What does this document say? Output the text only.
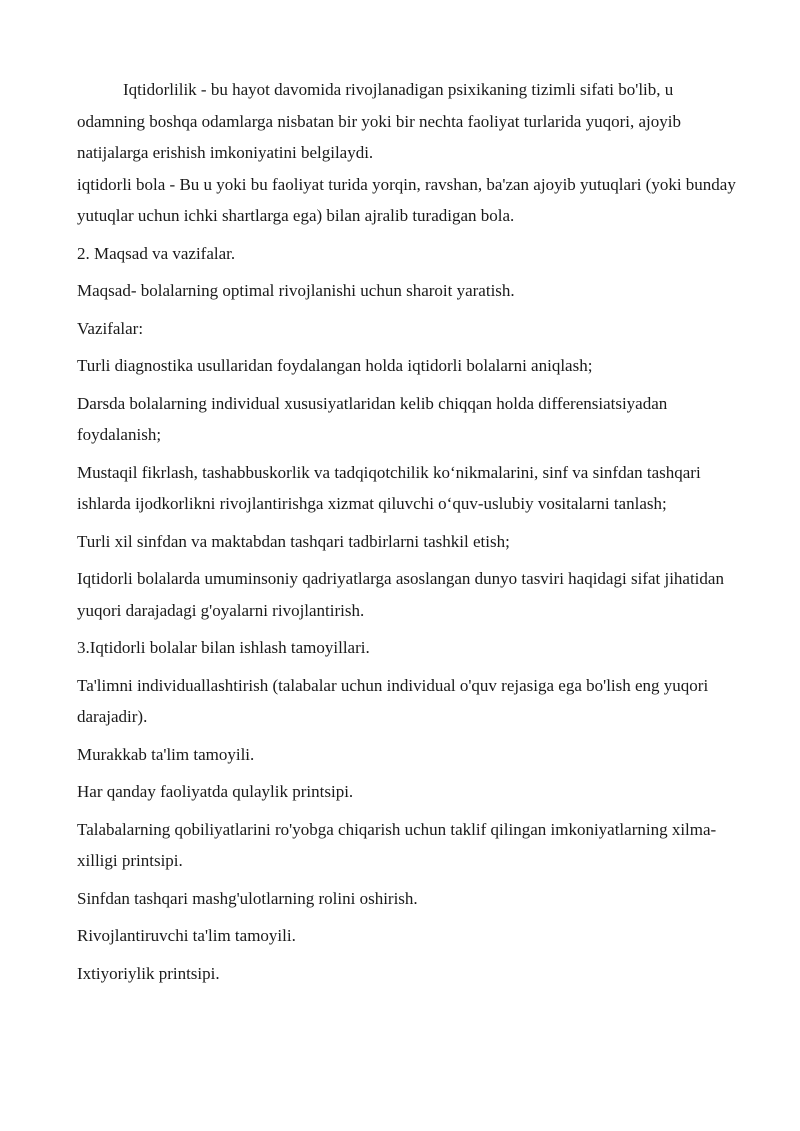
Iqtidorlilik - bu hayot davomida rivojlanadigan psixikaning tizimli sifati bo'lib, u odamning boshqa odamlarga nisbatan bir yoki bir nechta faoliyat turlarida yuqori, ajoyib natijalarga erishish imkoniyatini belgilaydi.

iqtidorli bola - Bu u yoki bu faoliyat turida yorqin, ravshan, ba'zan ajoyib yutuqlari (yoki bunday yutuqlar uchun ichki shartlarga ega) bilan ajralib turadigan bola.

2. Maqsad va vazifalar.

Maqsad- bolalarning optimal rivojlanishi uchun sharoit yaratish.

Vazifalar:

Turli diagnostika usullaridan foydalangan holda iqtidorli bolalarni aniqlash;

Darsda bolalarning individual xususiyatlaridan kelib chiqqan holda differensiatsiyadan foydalanish;

Mustaqil fikrlash, tashabbuskorlik va tadqiqotchilik koʻnikmalarini, sinf va sinfdan tashqari ishlarda ijodkorlikni rivojlantirishga xizmat qiluvchi oʻquv-uslubiy vositalarni tanlash;

Turli xil sinfdan va maktabdan tashqari tadbirlarni tashkil etish;

Iqtidorli bolalarda umuminsoniy qadriyatlarga asoslangan dunyo tasviri haqidagi sifat jihatidan yuqori darajadagi g'oyalarni rivojlantirish.

3.Iqtidorli bolalar bilan ishlash tamoyillari.

Ta'limni individuallashtirish (talabalar uchun individual o'quv rejasiga ega bo'lish eng yuqori darajadir).

Murakkab ta'lim tamoyili.

Har qanday faoliyatda qulaylik printsipi.

Talabalarning qobiliyatlarini ro'yobga chiqarish uchun taklif qilingan imkoniyatlarning xilma-xilligi printsipi.

Sinfdan tashqari mashg'ulotlarning rolini oshirish.

Rivojlantiruvchi ta'lim tamoyili.

Ixtiyoriylik printsipi.
